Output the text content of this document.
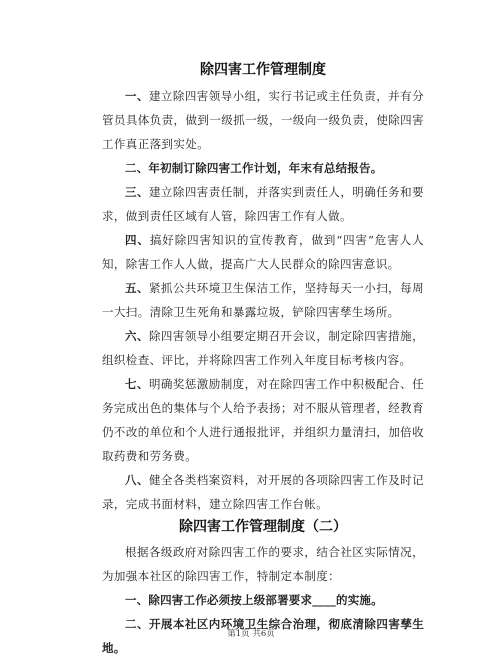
除四害工作管理制度

一、建立除四害领导小组，实行书记或主任负责，并有分管员具体负责，做到一级抓一级，一级向一级负责，使除四害工作真正落到实处。

二、年初制订除四害工作计划，年末有总结报告。

三、建立除四害责任制，并落实到责任人，明确任务和要求，做到责任区域有人管，除四害工作有人做。

四、搞好除四害知识的宣传教育，做到“四害”危害人人知，除害工作人人做，提高广大人民群众的除四害意识。

五、紧抓公共环境卫生保洁工作，坚持每天一小扫，每周一大扫。清除卫生死角和暴露垃圾，铲除四害孳生场所。

六、除四害领导小组要定期召开会议，制定除四害措施，组织检查、评比，并将除四害工作列入年度目标考核内容。

七、明确奖惩激励制度，对在除四害工作中积极配合、任务完成出色的集体与个人给予表扬；对不服从管理者，经教育仍不改的单位和个人进行通报批评，并组织力量清扫，加倍收取药费和劳务费。

八、健全各类档案资料，对开展的各项除四害工作及时记录，完成书面材料，建立除四害工作台帐。

除四害工作管理制度（二）

根据各级政府对除四害工作的要求，结合社区实际情况，为加强本社区的除四害工作，特制定本制度：

一、除四害工作必须按上级部署要求____的实施。

二、开展本社区内环境卫生综合治理，彻底清除四害孳生地。

第1页 共6页
